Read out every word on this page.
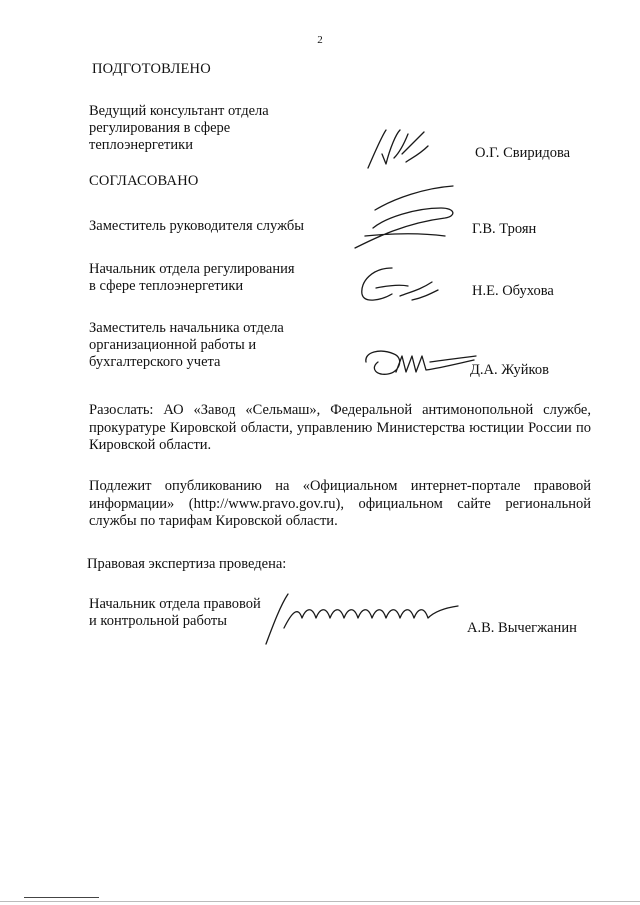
2
ПОДГОТОВЛЕНО
Ведущий консультант отдела
регулирования в сфере
теплоэнергетики	О.Г. Свиридова
СОГЛАСОВАНО
Заместитель руководителя службы	Г.В. Троян
Начальник отдела регулирования
в сфере теплоэнергетики	Н.Е. Обухова
Заместитель начальника отдела
организационной работы и
бухгалтерского учета	Д.А. Жуйков
Разослать: АО «Завод «Сельмаш», Федеральной антимонопольной службе, прокуратуре Кировской области, управлению Министерства юстиции России по Кировской области.
Подлежит опубликованию на «Официальном интернет-портале правовой информации» (http://www.pravo.gov.ru), официальном сайте региональной службы по тарифам Кировской области.
Правовая экспертиза проведена:
Начальник отдела правовой
и контрольной работы	А.В. Вычегжанин
